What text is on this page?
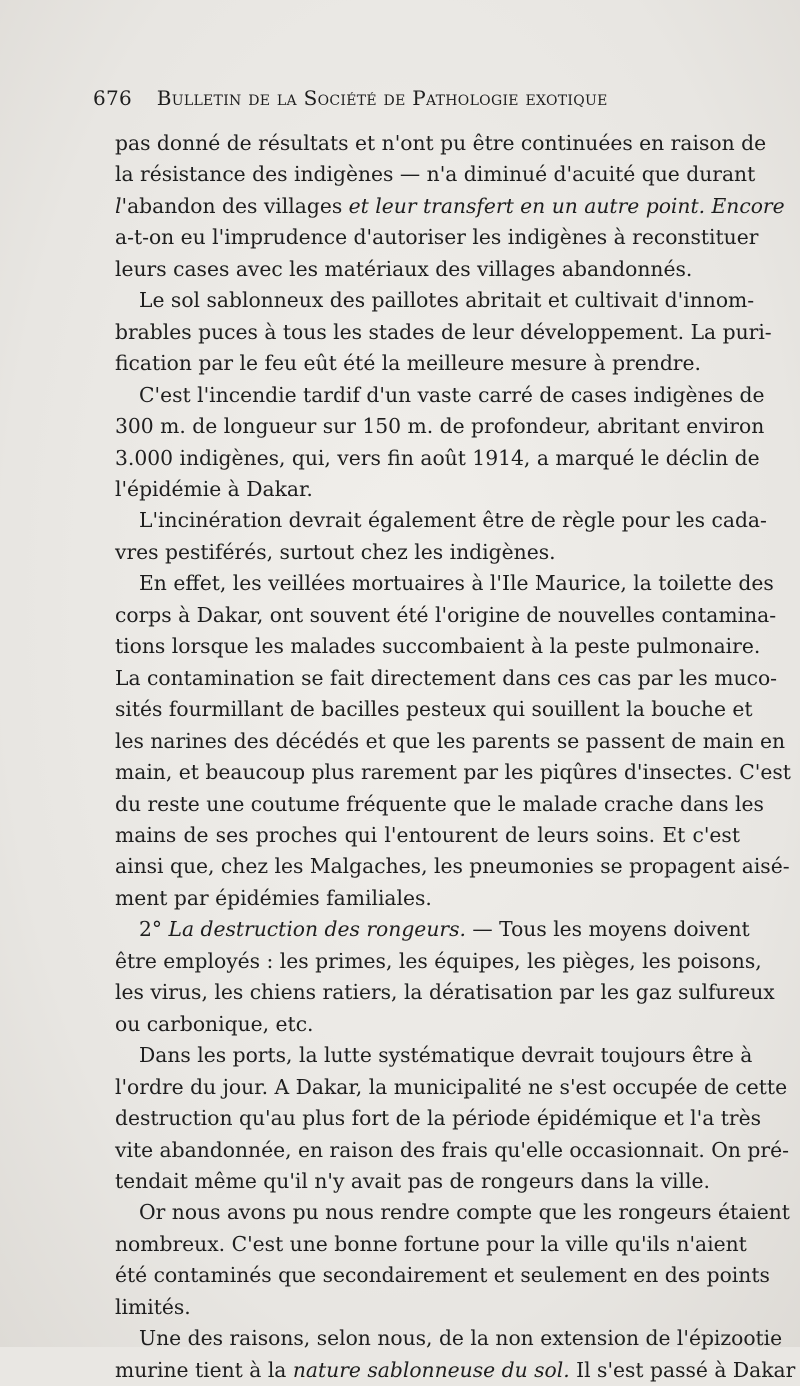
676 Bulletin de la Société de Pathologie exotique
pas donné de résultats et n'ont pu être continuées en raison de
la résistance des indigènes — n'a diminué d'acuité que durant
l'abandon des villages et leur transfert en un autre point. Encore
a-t-on eu l'imprudence d'autoriser les indigènes à reconstituer
leurs cases avec les matériaux des villages abandonnés.
Le sol sablonneux des paillotes abritait et cultivait d'innom-
brables puces à tous les stades de leur développement. La puri-
fication par le feu eût été la meilleure mesure à prendre.
C'est l'incendie tardif d'un vaste carré de cases indigènes de
300 m. de longueur sur 150 m. de profondeur, abritant environ
3.000 indigènes, qui, vers fin août 1914, a marqué le déclin de
l'épidémie à Dakar.
L'incinération devrait également être de règle pour les cada-
vres pestiférés, surtout chez les indigènes.
En effet, les veillées mortuaires à l'Ile Maurice, la toilette des
corps à Dakar, ont souvent été l'origine de nouvelles contamina-
tions lorsque les malades succombaient à la peste pulmonaire.
La contamination se fait directement dans ces cas par les muco-
sités fourmillant de bacilles pesteux qui souillent la bouche et
les narines des décédés et que les parents se passent de main en
main, et beaucoup plus rarement par les piqûres d'insectes. C'est
du reste une coutume fréquente que le malade crache dans les
mains de ses proches qui l'entourent de leurs soins. Et c'est
ainsi que, chez les Malgaches, les pneumonies se propagent aisé-
ment par épidémies familiales.
2° La destruction des rongeurs. — Tous les moyens doivent
être employés : les primes, les équipes, les pièges, les poisons,
les virus, les chiens ratiers, la dératisation par les gaz sulfureux
ou carbonique, etc.
Dans les ports, la lutte systématique devrait toujours être à
l'ordre du jour. A Dakar, la municipalité ne s'est occupée de cette
destruction qu'au plus fort de la période épidémique et l'a très
vite abandonnée, en raison des frais qu'elle occasionnait. On pré-
tendait même qu'il n'y avait pas de rongeurs dans la ville.
Or nous avons pu nous rendre compte que les rongeurs étaient
nombreux. C'est une bonne fortune pour la ville qu'ils n'aient
été contaminés que secondairement et seulement en des points
limités.
Une des raisons, selon nous, de la non extension de l'épizootie
murine tient à la nature sablonneuse du sol. Il s'est passé à Dakar
